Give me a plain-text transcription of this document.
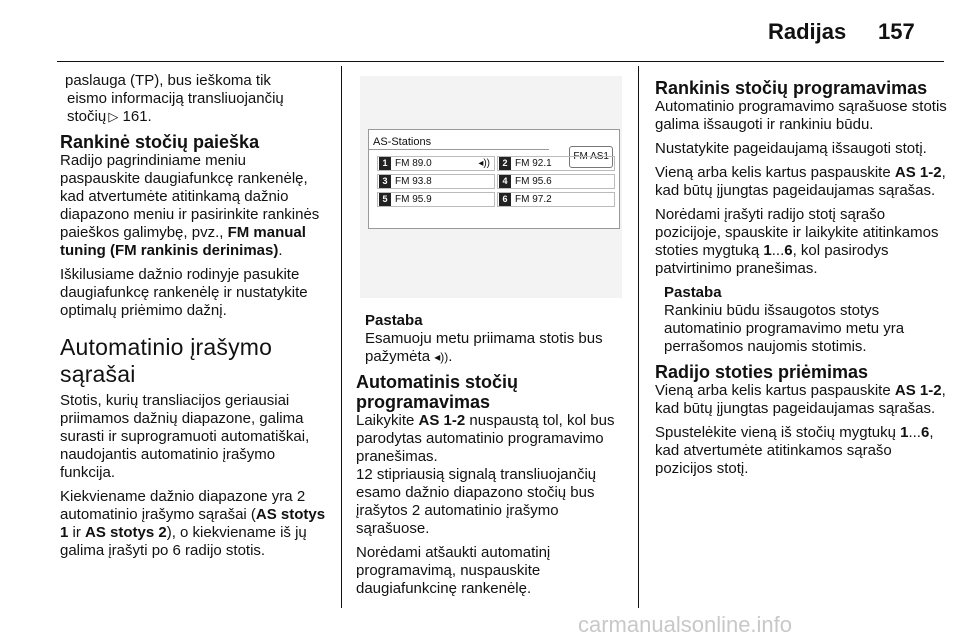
Radijas 157

paslauga (TP), bus ieškoma tik
eismo informaciją transliuojančių
stočių ▷ 161.

Rankinė stočių paieška

Radijo pagrindiniame meniu paspauskite daugiafunkcę rankenėlę, kad atvertumėte atitinkamą dažnio diapazono meniu ir pasirinkite rankinės paieškos galimybę, pvz., FM manual tuning (FM rankinis derinimas).

Iškilusiame dažnio rodinyje pasukite daugiafunkcę rankenėlę ir nustatykite optimalų priėmimo dažnį.

Automatinio įrašymo sąrašai

Stotis, kurių transliacijos geriausiai priimamos dažnių diapazone, galima surasti ir suprogramuoti automatiškai, naudojantis automatinio įrašymo funkcija.

Kiekviename dažnio diapazone yra 2 automatinio įrašymo sąrašai (AS stotys 1 ir AS stotys 2), o kiekviename iš jų galima įrašyti po 6 radijo stotis.

AS-Stations
FM AS1
1 FM 89.0	◂))	2 FM 92.1
3 FM 93.8	4 FM 95.6
5 FM 95.9	6 FM 97.2
Pastaba

Esamuoju metu priimama stotis bus pažymėta ◂)).

Automatinis stočių programavimas

Laikykite AS 1-2 nuspaustą tol, kol bus parodytas automatinio programavimo pranešimas.
12 stipriausią signalą transliuojančių esamo dažnio diapazono stočių bus įrašytos 2 automatinio įrašymo sąrašuose.

Norėdami atšaukti automatinį programavimą, nuspauskite daugiafunkcinę rankenėlę.

Rankinis stočių programavimas

Automatinio programavimo sąrašuose stotis galima išsaugoti ir rankiniu būdu.

Nustatykite pageidaujamą išsaugoti stotį.

Vieną arba kelis kartus paspauskite AS 1-2, kad būtų įjungtas pageidaujamas sąrašas.

Norėdami įrašyti radijo stotį sąrašo pozicijoje, spauskite ir laikykite atitinkamos stoties mygtuką 1...6, kol pasirodys patvirtinimo pranešimas.

Pastaba

Rankiniu būdu išsaugotos stotys automatinio programavimo metu yra perrašomos naujomis stotimis.

Radijo stoties priėmimas

Vieną arba kelis kartus paspauskite AS 1-2, kad būtų įjungtas pageidaujamas sąrašas.

Spustelėkite vieną iš stočių mygtukų 1...6, kad atvertumėte atitinkamos sąrašo pozicijos stotį.

carmanualsonline.info
